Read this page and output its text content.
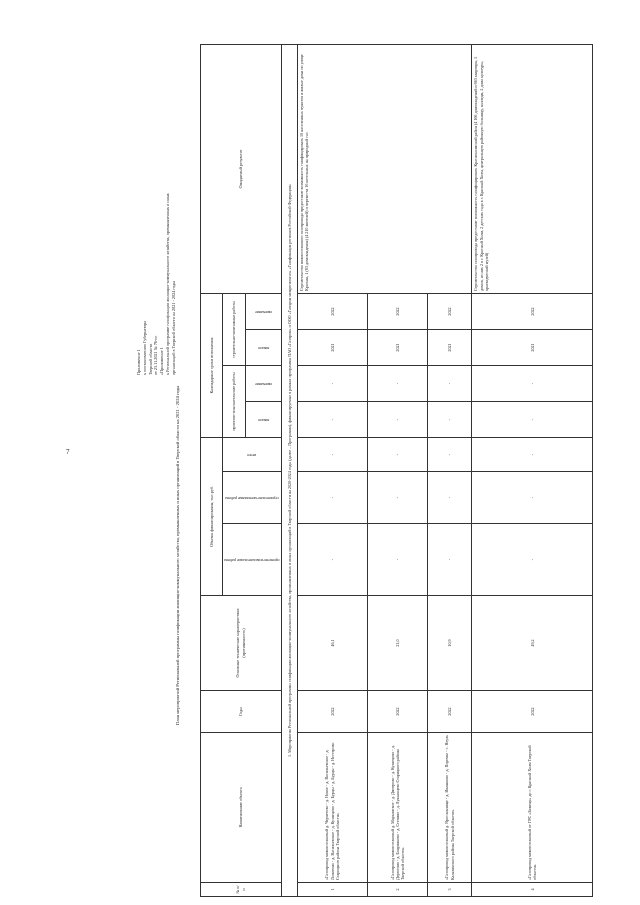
7
Приложение 1 к постановлению Губернатора Тверской области от 23.11.2021 № 76-пг «Приложение 1 к Региональной программе газификации жилищно-коммунального хозяйства, промышленных и иных организаций в Тверской области на 2021 - 2024 годы
План мероприятий Региональной программы газификации жилищно-коммунального хозяйства, промышленных и иных организаций в Тверской области на 2021 - 2024 годы
№ п/п	Наименование объекта	Годы	Основные технические характеристики (протяженность)	Объемы финансирования, тыс.руб.			Календарные сроки исполнения				Ожидаемый результат

				проектно-изыскательские работы	строительно-монтажные работы	итого	проектно-изыскательские работы		строительно-монтажные работы		

							начало	окончание	начало	окончание	

1. Мероприятия Региональной программы газификации жилищно-коммунального хозяйства, промышленных и иных организаций в Тверской области на 2020-2024 годы (далее – Программа), финансируемые в рамках программы ПАО «Газпром» и ООО «Газпром межрегионгаз» «Газификация регионов Российской Федерации»											
1	«Газопровод межпоселковый д. Черпетово - д. Новое - д. Васильевское - д. Лопатино - д. Васильевское - д. Кузнецово - д. Бурцы - д. Бурцы - д. Нестерово Старицкого района Тверской области»	2022	46,1	-	-	-	-	-	2021	2022	Строительство межпоселкового газопровода предоставит возможность газифицировать 10 населенных пунктов и жилые дома по улице Красная, 1 (83 домовладения) (4 210 жителей) и перевести 16 котельных на природный газ
2	«Газопровод межпоселковый д. Марьинское - д. Дмитрово - д. Кузнецово - д. Дерюгино - д. Бояринково - д. Степино - д. Лукьянцево Старицкого района Тверской области»	2022	21,0	-	-	-	-	-	2021	2022	
3	«Газопровод межпоселковый д. Ярославлище - д. Ивашково - д. Порочье - с. Неуль Калязинского района Тверской области»	2022	10,9	-	-	-	-	-	2021	2022	
4	«Газопровод межпоселковый от ГРС «Бежецк» до г. Красный Холм Тверской области»	2022	49,2	-	-	-	-	-	2021	2022	Строительство газопровода предоставит возможность газифицировать Краснохолмский район (4 166 домовладений и 663 квартиры, 5 домов, из них 2 в г. Красный Холм, 2 детских сада в г. Красный Холм, центральную районную больницу, колледж, 2 дома культуры, краеведческий музей)
